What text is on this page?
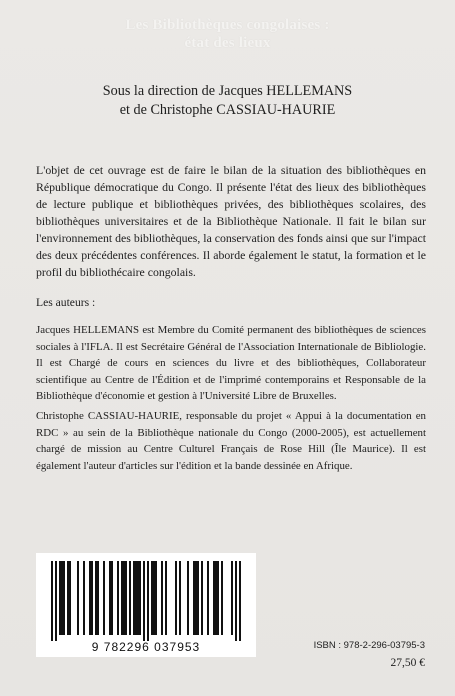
Les Bibliothèques congolaises :
état des lieux
Sous la direction de Jacques HELLEMANS
et de Christophe CASSIAU-HAURIE

L'objet de cet ouvrage est de faire le bilan de la situation des bibliothèques en République démocratique du Congo. Il présente l'état des lieux des bibliothèques de lecture publique et bibliothèques privées, des bibliothèques scolaires, des bibliothèques universitaires et de la Bibliothèque Nationale. Il fait le bilan sur l'environnement des bibliothèques, la conservation des fonds ainsi que sur l'impact des deux précédentes conférences. Il aborde également le statut, la formation et le profil du bibliothécaire congolais.

Les auteurs :

Jacques HELLEMANS est Membre du Comité permanent des bibliothèques de sciences sociales à l'IFLA. Il est Secrétaire Général de l'Association Internationale de Bibliologie. Il est Chargé de cours en sciences du livre et des bibliothèques, Collaborateur scientifique au Centre de l'Édition et de l'imprimé contemporains et Responsable de la Bibliothèque d'économie et gestion à l'Université Libre de Bruxelles.

Christophe CASSIAU-HAURIE, responsable du projet « Appui à la documentation en RDC » au sein de la Bibliothèque nationale du Congo (2000-2005), est actuellement chargé de mission au Centre Culturel Français de Rose Hill (Île Maurice). Il est également l'auteur d'articles sur l'édition et la bande dessinée en Afrique.

9 782296 037953	ISBN : 978-2-296-03795-3
27,50 €
